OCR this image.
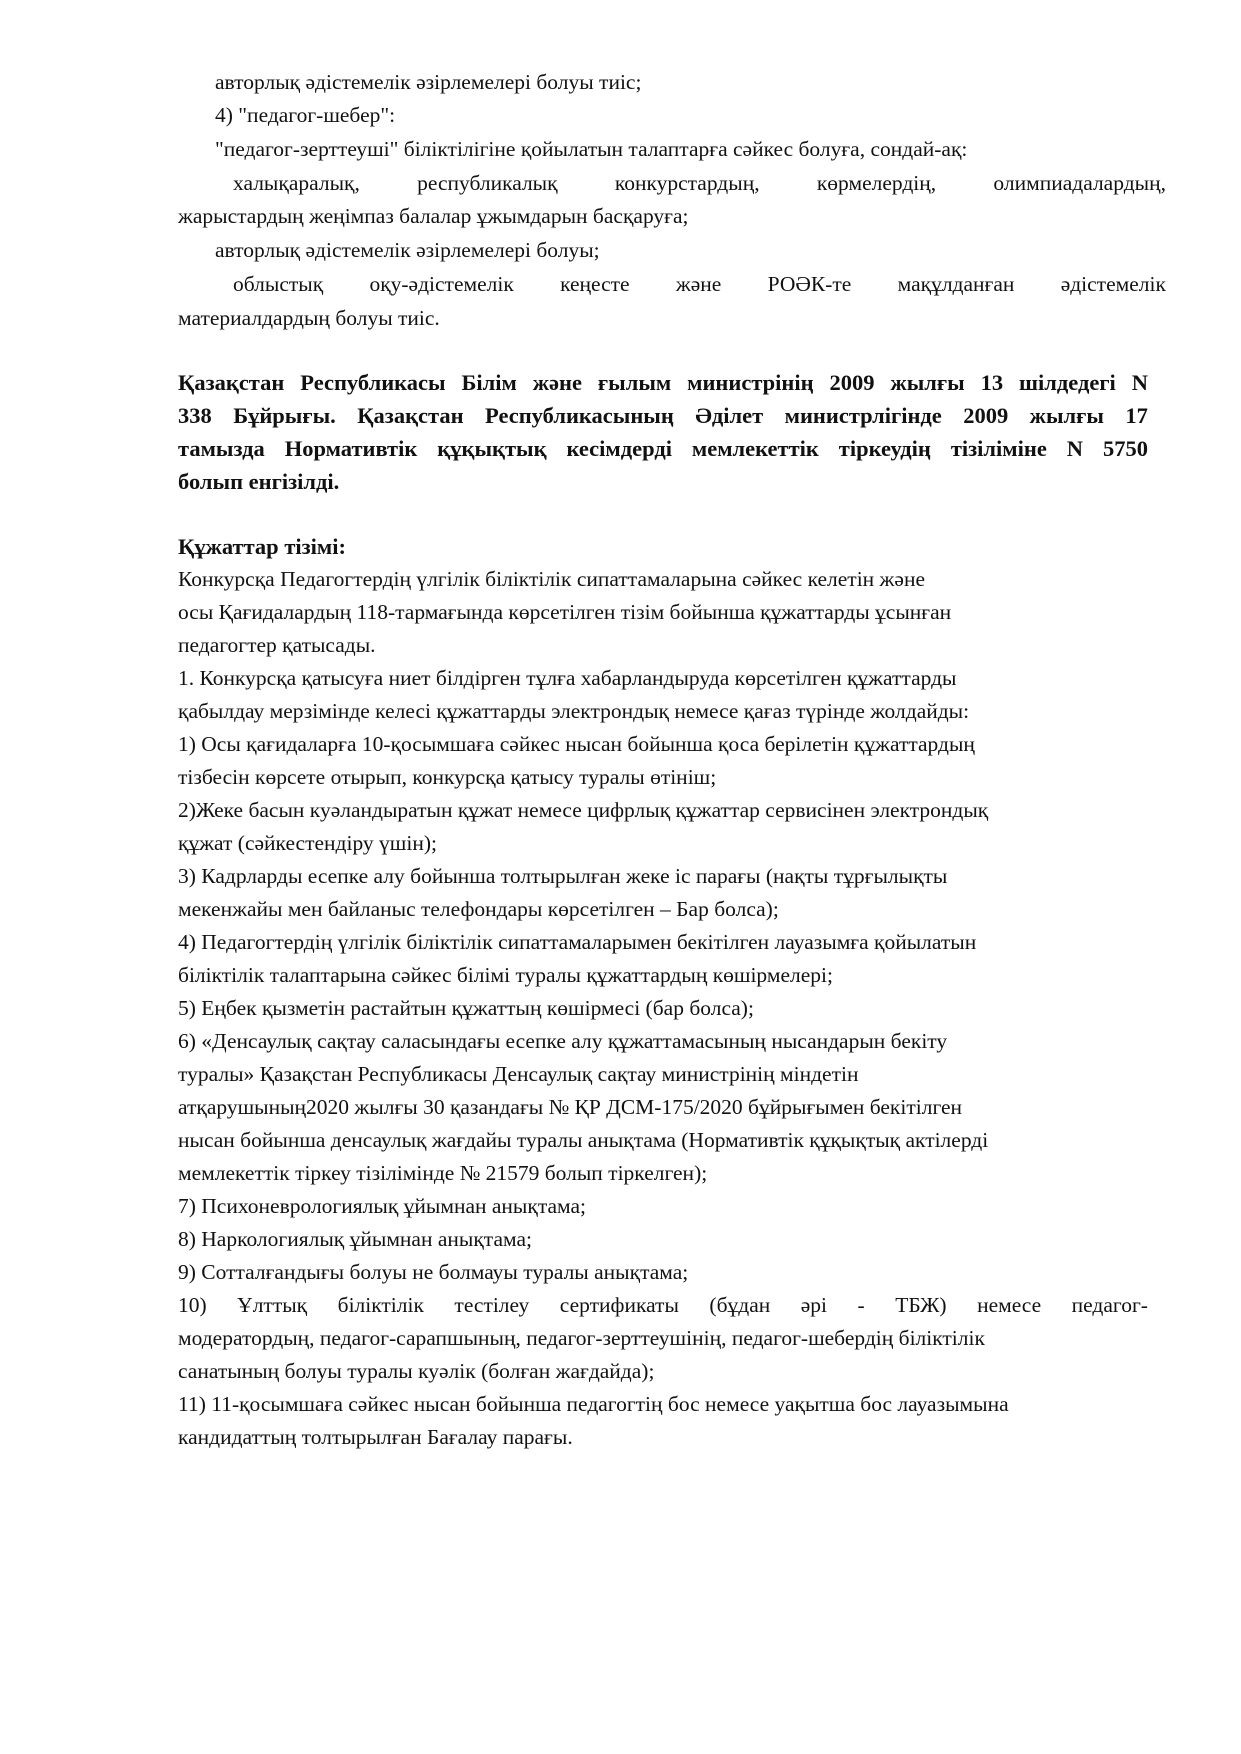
авторлық әдістемелік әзірлемелері болуы тиіс;
4) "педагог-шебер":
"педагог-зерттеуші" біліктілігіне қойылатын талаптарға сәйкес болуға, сондай-ақ:
халықаралық,	республикалық	конкурстардың,	көрмелердің,	олимпиадалардың,
жарыстардың жеңімпаз балалар ұжымдарын басқаруға;
авторлық әдістемелік әзірлемелері болуы;
облыстық оқу-әдістемелік кеңесте және РОӘК-те мақұлданған әдістемелік
материалдардың болуы тиіс.
Қазақстан Республикасы Білім және ғылым министрінің 2009 жылғы 13 шілдедегі N
338 Бұйрығы. Қазақстан Республикасының Әділет министрлігінде 2009 жылғы 17
тамызда Нормативтік құқықтық кесімдерді мемлекеттік тіркеудің тізіліміне N 5750
болып енгізілді.
Құжаттар тізімі:
Конкурсқа Педагогтердің үлгілік біліктілік сипаттамаларына сәйкес келетін және
осы Қағидалардың 118-тармағында көрсетілген тізім бойынша құжаттарды ұсынған
педагогтер қатысады.
1. Конкурсқа қатысуға ниет білдірген тұлға хабарландыруда көрсетілген құжаттарды
қабылдау мерзімінде келесі құжаттарды электрондық немесе қағаз түрінде жолдайды:
1) Осы қағидаларға 10-қосымшаға сәйкес нысан бойынша қоса берілетін құжаттардың
тізбесін көрсете отырып, конкурсқа қатысу туралы өтініш;
2)Жеке басын куәландыратын құжат немесе цифрлық құжаттар сервисінен электрондық
құжат (сәйкестендіру үшін);
3) Кадрларды есепке алу бойынша толтырылған жеке іс парағы (нақты тұрғылықты
мекенжайы мен байланыс телефондары көрсетілген – Бар болса);
4) Педагогтердің үлгілік біліктілік сипаттамаларымен бекітілген лауазымға қойылатын
біліктілік талаптарына сәйкес білімі туралы құжаттардың көшірмелері;
5) Еңбек қызметін растайтын құжаттың көшірмесі (бар болса);
6) «Денсаулық сақтау саласындағы есепке алу құжаттамасының нысандарын бекіту
туралы» Қазақстан Республикасы Денсаулық сақтау министрінің міндетін
атқарушының2020 жылғы 30 қазандағы № ҚР ДСМ-175/2020 бұйрығымен бекітілген
нысан бойынша денсаулық жағдайы туралы анықтама (Нормативтік құқықтық актілерді
мемлекеттік тіркеу тізілімінде № 21579 болып тіркелген);
7) Психоневрологиялық ұйымнан анықтама;
8) Наркологиялық ұйымнан анықтама;
9) Сотталғандығы болуы не болмауы туралы анықтама;
10) Ұлттық біліктілік тестілеу сертификаты (бұдан әрі - ТБЖ) немесе педагог-
модератордың, педагог-сарапшының, педагог-зерттеушінің, педагог-шебердің біліктілік
санатының болуы туралы куәлік (болған жағдайда);
11) 11-қосымшаға сәйкес нысан бойынша педагогтің бос немесе уақытша бос лауазымына
кандидаттың толтырылған Бағалау парағы.
